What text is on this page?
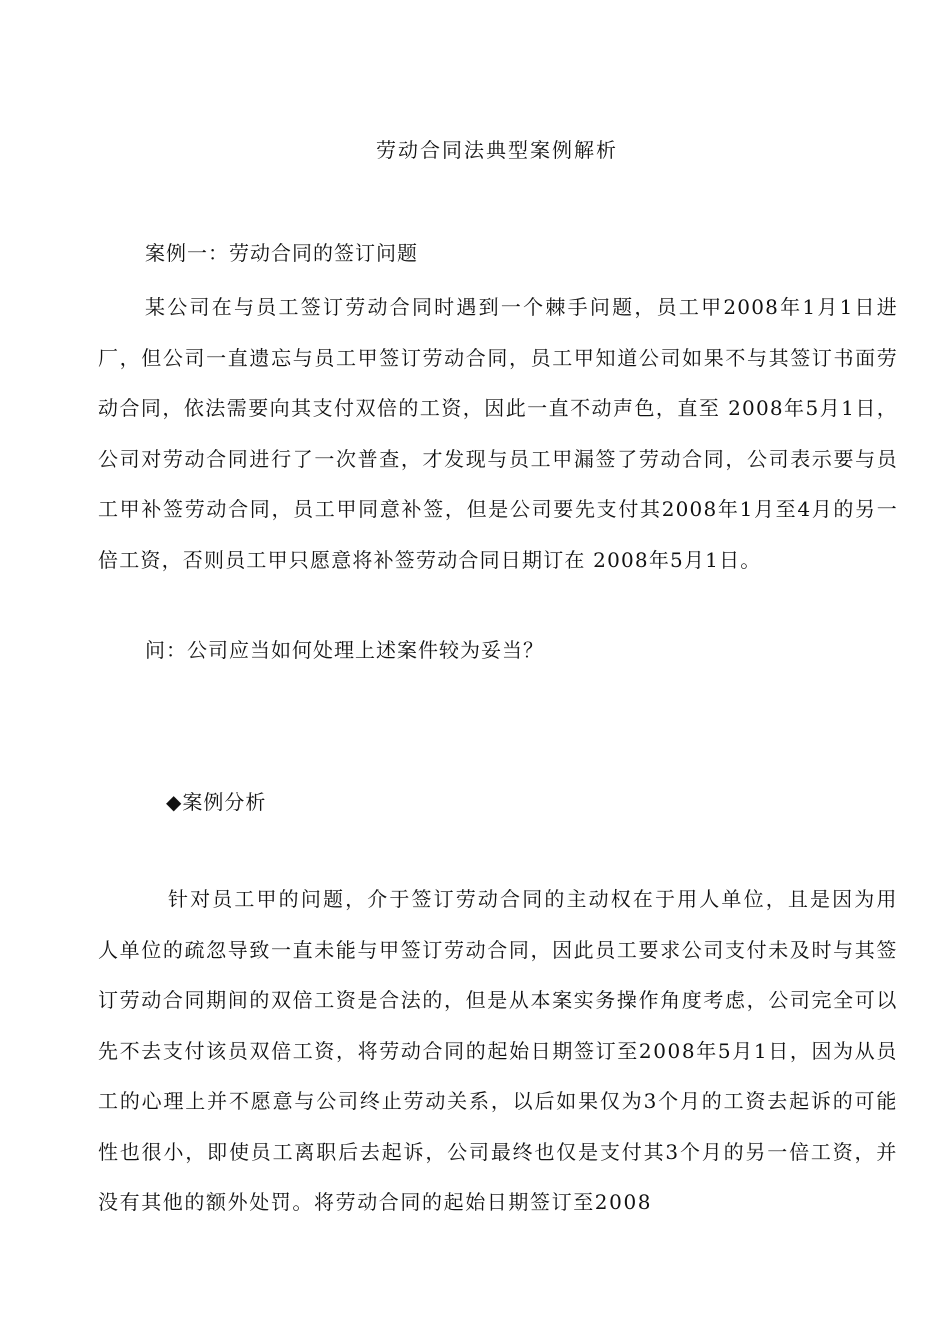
劳动合同法典型案例解析
案例一：劳动合同的签订问题
某公司在与员工签订劳动合同时遇到一个棘手问题，员工甲2008年1月1日进厂，但公司一直遗忘与员工甲签订劳动合同，员工甲知道公司如果不与其签订书面劳动合同，依法需要向其支付双倍的工资，因此一直不动声色，直至 2008年5月1日，公司对劳动合同进行了一次普查，才发现与员工甲漏签了劳动合同，公司表示要与员工甲补签劳动合同，员工甲同意补签，但是公司要先支付其2008年1月至4月的另一倍工资，否则员工甲只愿意将补签劳动合同日期订在 2008年5月1日。
问：公司应当如何处理上述案件较为妥当？
◆案例分析
针对员工甲的问题，介于签订劳动合同的主动权在于用人单位，且是因为用人单位的疏忽导致一直未能与甲签订劳动合同，因此员工要求公司支付未及时与其签订劳动合同期间的双倍工资是合法的，但是从本案实务操作角度考虑，公司完全可以先不去支付该员双倍工资，将劳动合同的起始日期签订至2008年5月1日，因为从员工的心理上并不愿意与公司终止劳动关系，以后如果仅为3个月的工资去起诉的可能性也很小，即使员工离职后去起诉，公司最终也仅是支付其3个月的另一倍工资，并没有其他的额外处罚。将劳动合同的起始日期签订至2008
